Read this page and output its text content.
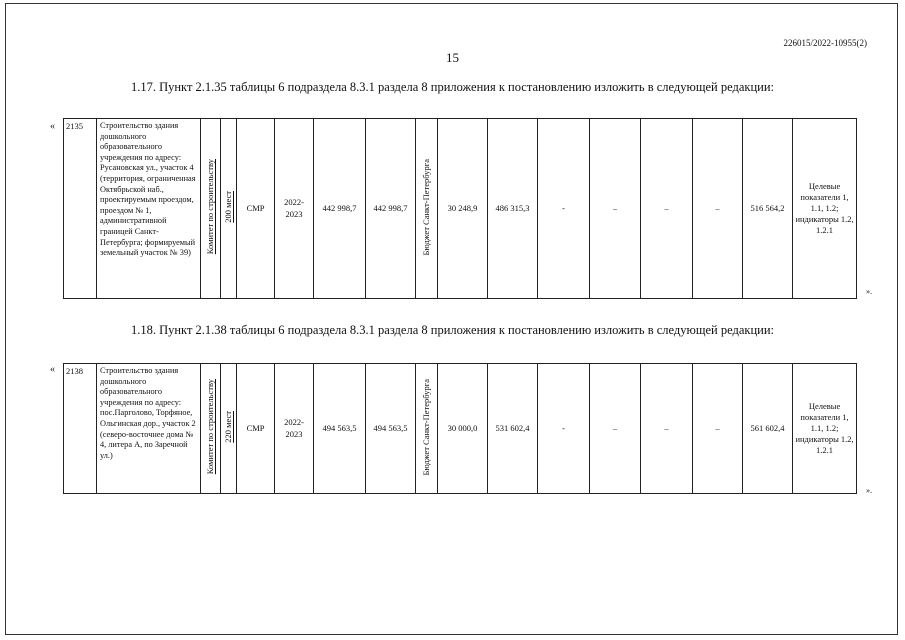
226015/2022-10955(2)
15
1.17. Пункт 2.1.35 таблицы 6 подраздела 8.3.1 раздела 8 приложения к постановлению изложить в следующей редакции:
«
».
2135	Строительство здания дошкольного образовательного учреждения по адресу: Русановская ул., участок 4 (территория, ограниченная Октябрьской наб., проектируемым проездом, проездом № 1, административной границей Санкт-Петербурга; формируемый земельный участок № 39)	Комитет по строительству	200 мест	СМР	2022-2023	442 998,7	442 998,7	Бюджет Санкт-Петербурга	30 248,9	486 315,3	-	–	–	–	516 564,2	Целевые показатели 1, 1.1, 1.2; индикаторы 1.2, 1.2.1
1.18. Пункт 2.1.38 таблицы 6 подраздела 8.3.1 раздела 8 приложения к постановлению изложить в следующей редакции:
«
».
2138	Строительство здания дошкольного образовательного учреждения по адресу: пос.Парголово, Торфяное, Ольгинская дор., участок 2 (северо-восточнее дома № 4, литера А, по Заречной ул.)	Комитет по строительству	220 мест	СМР	2022-2023	494 563,5	494 563,5	Бюджет Санкт-Петербурга	30 000,0	531 602,4	-	–	–	–	561 602,4	Целевые показатели 1, 1.1, 1.2; индикаторы 1.2, 1.2.1
